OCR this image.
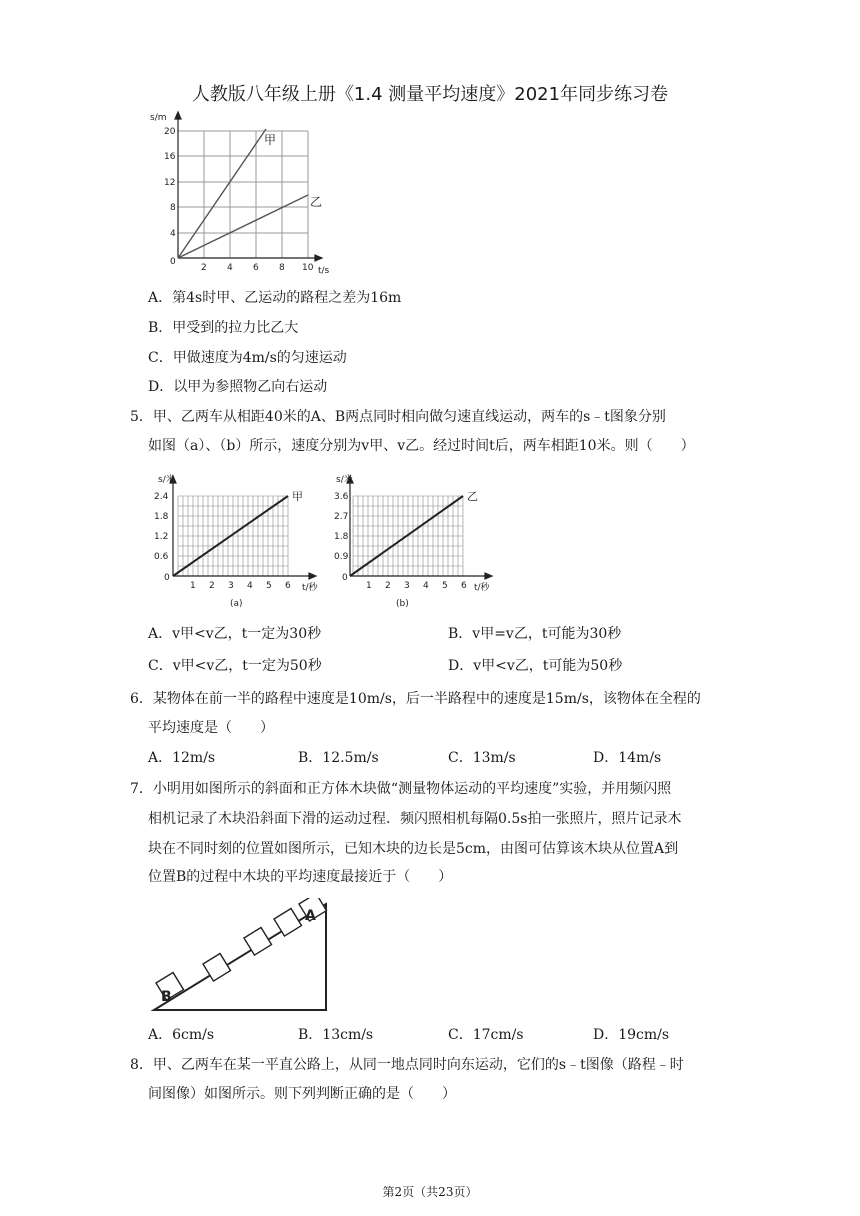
人教版八年级上册《1.4 测量平均速度》2021年同步练习卷
s/m
t/s
0
4
8
12
16
20
2 4 6 8 10
甲
乙
A．第4s时甲、乙运动的路程之差为16m
B．甲受到的拉力比乙大
C．甲做速度为4m/s的匀速运动
D．以甲为参照物乙向右运动
5．甲、乙两车从相距40米的A、B两点同时相向做匀速直线运动，两车的s﹣t图象分别
如图（a）、（b）所示，速度分别为v甲、v乙。经过时间t后，两车相距10米。则（　　）
s/米
t/秒
0
0.6
1.2
1.8
2.4
1 2 3 4 5 6
(a)
甲
s/米
t/秒
0
0.9
1.8
2.7
3.6
1 2 3 4 5 6
(b)
乙
A．v甲<v乙，t一定为30秒	B．v甲=v乙，t可能为30秒
C．v甲<v乙，t一定为50秒	D．v甲<v乙，t可能为50秒
6．某物体在前一半的路程中速度是10m/s，后一半路程中的速度是15m/s，该物体在全程的
平均速度是（　　）
A．12m/s	B．12.5m/s	C．13m/s	D．14m/s
7．小明用如图所示的斜面和正方体木块做“测量物体运动的平均速度”实验，并用频闪照
相机记录了木块沿斜面下滑的运动过程．频闪照相机每隔0.5s拍一张照片，照片记录木
块在不同时刻的位置如图所示，已知木块的边长是5cm，由图可估算该木块从位置A到
位置B的过程中木块的平均速度最接近于（　　）
B
A
A．6cm/s	B．13cm/s	C．17cm/s	D．19cm/s
8．甲、乙两车在某一平直公路上，从同一地点同时向东运动，它们的s﹣t图像（路程﹣时
间图像）如图所示。则下列判断正确的是（　　）
第2页（共23页）
